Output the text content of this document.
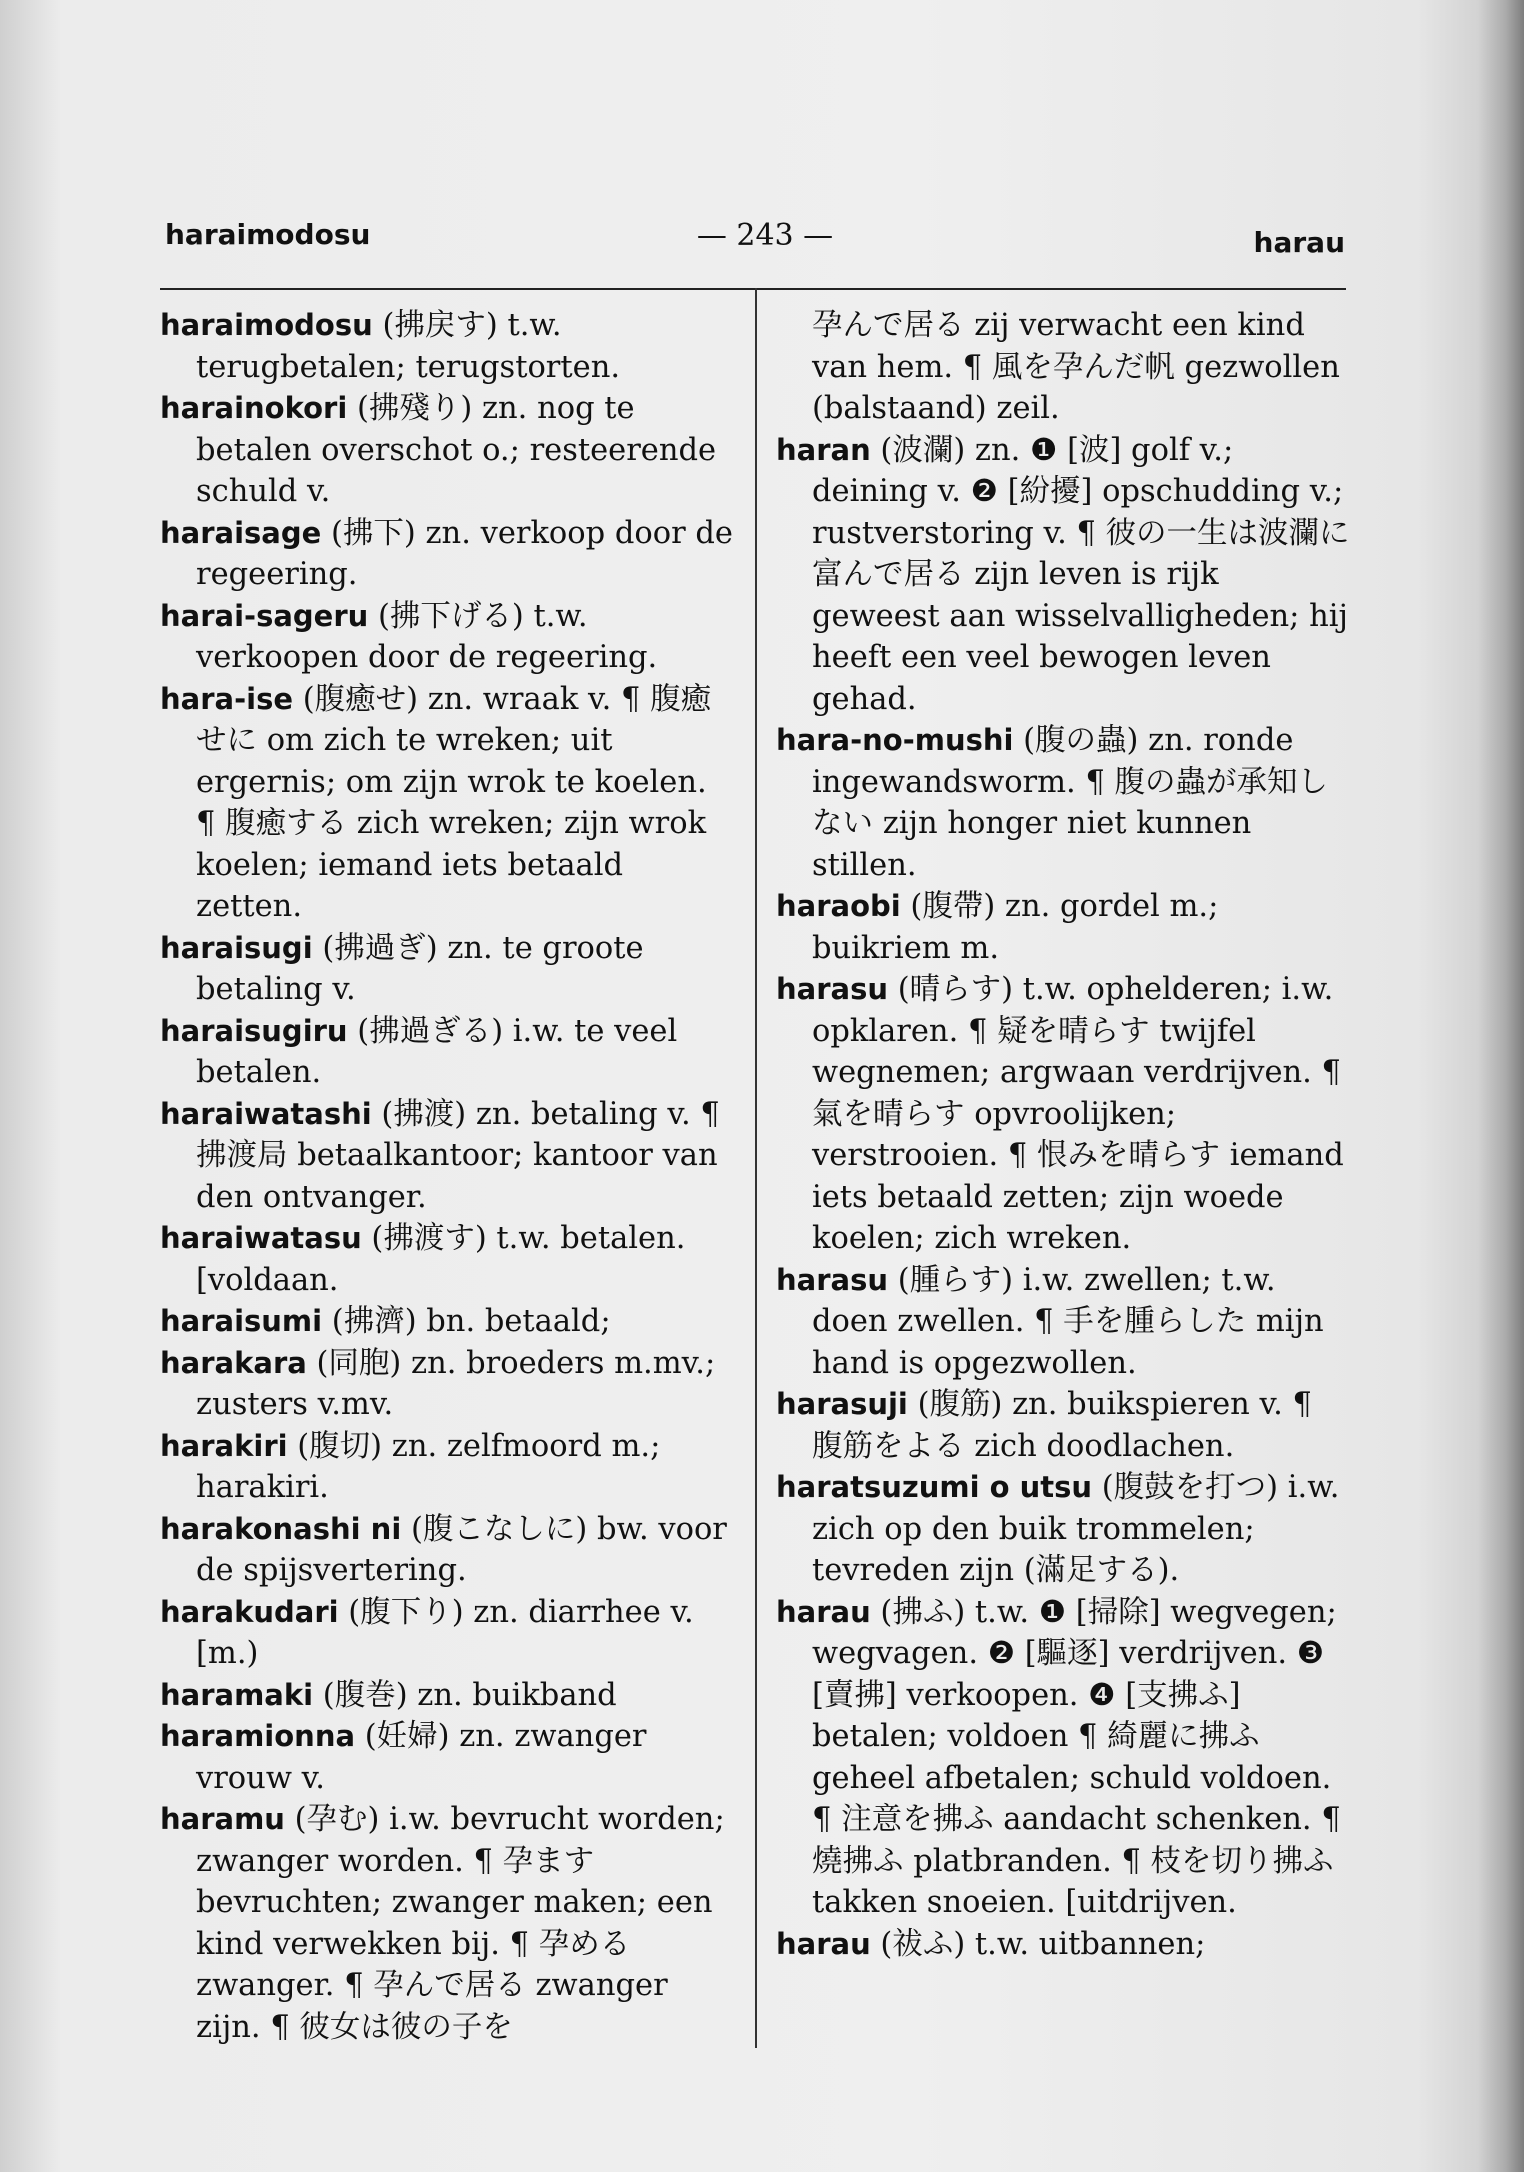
haraimodosu	— 243 —	harau

haraimodosu (拂戻す) t.w. terugbetalen; terugstorten.

harainokori (拂殘り) zn. nog te betalen overschot o.; resteerende schuld v.

haraisage (拂下) zn. verkoop door de regeering.

harai-sageru (拂下げる) t.w. verkoopen door de regeering.

hara-ise (腹癒せ) zn. wraak v. ¶ 腹癒せに om zich te wreken; uit ergernis; om zijn wrok te koelen. ¶ 腹癒する zich wreken; zijn wrok koelen; iemand iets betaald zetten.

haraisugi (拂過ぎ) zn. te groote betaling v.

haraisugiru (拂過ぎる) i.w. te veel betalen.

haraiwatashi (拂渡) zn. betaling v. ¶ 拂渡局 betaalkantoor; kantoor van den ontvanger.

haraiwatasu (拂渡す) t.w. betalen. [voldaan.

haraisumi (拂濟) bn. betaald;

harakara (同胞) zn. broeders m.mv.; zusters v.mv.

harakiri (腹切) zn. zelfmoord m.; harakiri.

harakonashi ni (腹こなしに) bw. voor de spijsvertering.

harakudari (腹下り) zn. diarrhee v. [m.)

haramaki (腹巻) zn. buikband

haramionna (妊婦) zn. zwanger vrouw v.

haramu (孕む) i.w. bevrucht worden; zwanger worden. ¶ 孕ます bevruchten; zwanger maken; een kind verwekken bij. ¶ 孕める zwanger. ¶ 孕んで居る zwanger zijn. ¶ 彼女は彼の子を

孕んで居る zij verwacht een kind van hem. ¶ 風を孕んだ帆 gezwollen (balstaand) zeil.

haran (波瀾) zn. ❶ [波] golf v.; deining v. ❷ [紛擾] opschudding v.; rustverstoring v. ¶ 彼の一生は波瀾に富んで居る zijn leven is rijk geweest aan wisselvalligheden; hij heeft een veel bewogen leven gehad.

hara-no-mushi (腹の蟲) zn. ronde ingewandsworm. ¶ 腹の蟲が承知しない zijn honger niet kunnen stillen.

haraobi (腹帶) zn. gordel m.; buikriem m.

harasu (晴らす) t.w. ophelderen; i.w. opklaren. ¶ 疑を晴らす twijfel wegnemen; argwaan verdrijven. ¶ 氣を晴らす opvroolijken; verstrooien. ¶ 恨みを晴らす iemand iets betaald zetten; zijn woede koelen; zich wreken.

harasu (腫らす) i.w. zwellen; t.w. doen zwellen. ¶ 手を腫らした mijn hand is opgezwollen.

harasuji (腹筋) zn. buikspieren v. ¶ 腹筋をよる zich doodlachen.

haratsuzumi o utsu (腹鼓を打つ) i.w. zich op den buik trommelen; tevreden zijn (滿足する).

harau (拂ふ) t.w. ❶ [掃除] wegvegen; wegvagen. ❷ [驅逐] verdrijven. ❸ [賣拂] verkoopen. ❹ [支拂ふ] betalen; voldoen ¶ 綺麗に拂ふ geheel afbetalen; schuld voldoen. ¶ 注意を拂ふ aandacht schenken. ¶ 燒拂ふ platbranden. ¶ 枝を切り拂ふ takken snoeien. [uitdrijven.

harau (祓ふ) t.w. uitbannen;
